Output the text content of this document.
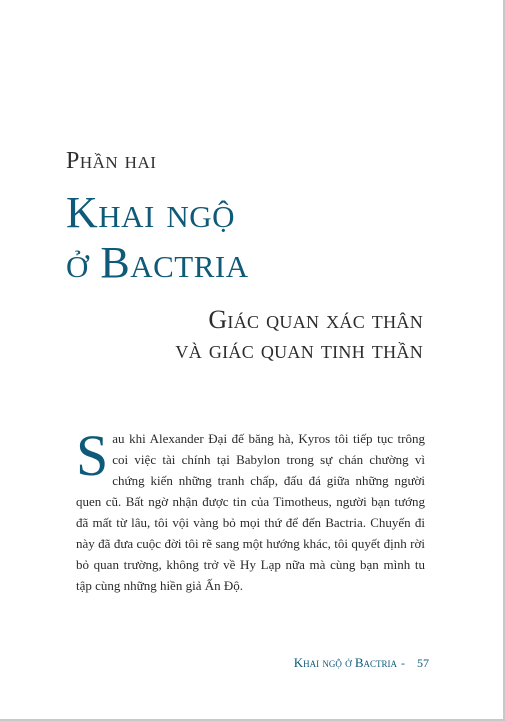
Phần hai
Khai ngộ
ở Bactria
Giác quan xác thân
và giác quan tinh thần
Sau khi Alexander Đại đế băng hà, Kyros tôi tiếp tục trông coi việc tài chính tại Babylon trong sự chán chường vì chứng kiến những tranh chấp, đấu đá giữa những người quen cũ. Bất ngờ nhận được tin của Timotheus, người bạn tướng đã mất từ lâu, tôi vội vàng bỏ mọi thứ để đến Bactria. Chuyến đi này đã đưa cuộc đời tôi rẽ sang một hướng khác, tôi quyết định rời bỏ quan trường, không trở về Hy Lạp nữa mà cùng bạn mình tu tập cùng những hiền giả Ấn Độ.
Khai ngộ ở Bactria - 57
